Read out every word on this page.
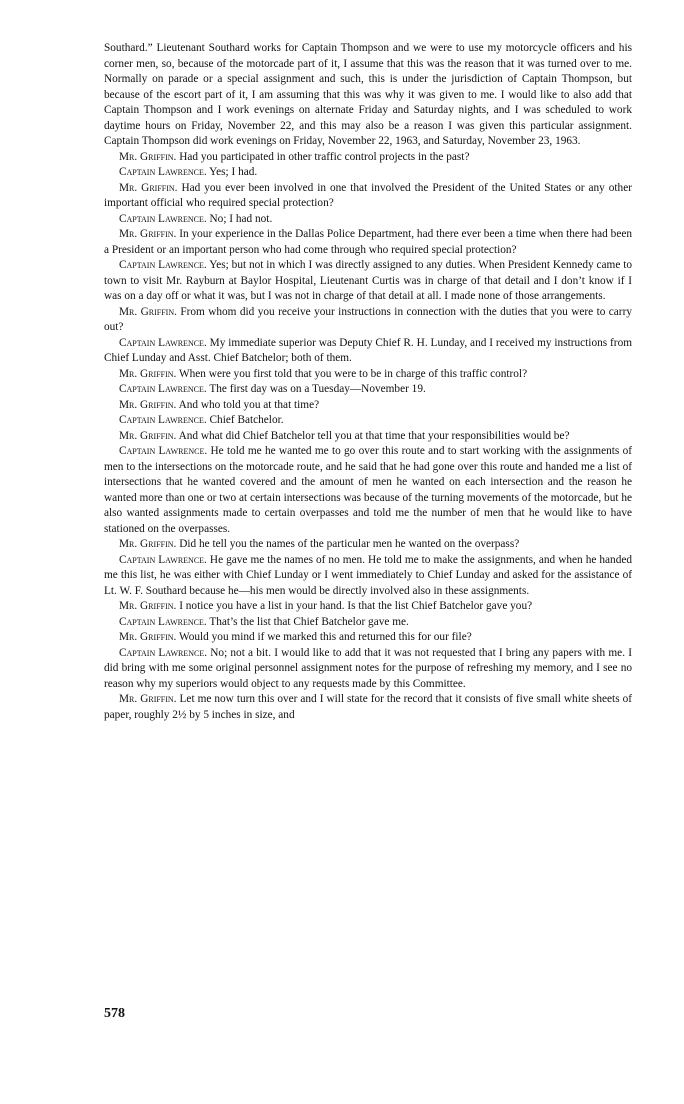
Southard.” Lieutenant Southard works for Captain Thompson and we were to use my motorcycle officers and his corner men, so, because of the motorcade part of it, I assume that this was the reason that it was turned over to me. Normally on parade or a special assignment and such, this is under the jurisdiction of Captain Thompson, but because of the escort part of it, I am assuming that this was why it was given to me. I would like to also add that Captain Thompson and I work evenings on alternate Friday and Saturday nights, and I was scheduled to work daytime hours on Friday, November 22, and this may also be a reason I was given this particular assignment. Captain Thompson did work evenings on Friday, November 22, 1963, and Saturday, November 23, 1963.

Mr. Griffin. Had you participated in other traffic control projects in the past?

Captain Lawrence. Yes; I had.

Mr. Griffin. Had you ever been involved in one that involved the President of the United States or any other important official who required special protection?

Captain Lawrence. No; I had not.

Mr. Griffin. In your experience in the Dallas Police Department, had there ever been a time when there had been a President or an important person who had come through who required special protection?

Captain Lawrence. Yes; but not in which I was directly assigned to any duties. When President Kennedy came to town to visit Mr. Rayburn at Baylor Hospital, Lieutenant Curtis was in charge of that detail and I don’t know if I was on a day off or what it was, but I was not in charge of that detail at all. I made none of those arrangements.

Mr. Griffin. From whom did you receive your instructions in connection with the duties that you were to carry out?

Captain Lawrence. My immediate superior was Deputy Chief R. H. Lunday, and I received my instructions from Chief Lunday and Asst. Chief Batchelor; both of them.

Mr. Griffin. When were you first told that you were to be in charge of this traffic control?

Captain Lawrence. The first day was on a Tuesday—November 19.

Mr. Griffin. And who told you at that time?

Captain Lawrence. Chief Batchelor.

Mr. Griffin. And what did Chief Batchelor tell you at that time that your responsibilities would be?

Captain Lawrence. He told me he wanted me to go over this route and to start working with the assignments of men to the intersections on the motorcade route, and he said that he had gone over this route and handed me a list of intersections that he wanted covered and the amount of men he wanted on each intersection and the reason he wanted more than one or two at certain intersections was because of the turning movements of the motorcade, but he also wanted assignments made to certain overpasses and told me the number of men that he would like to have stationed on the overpasses.

Mr. Griffin. Did he tell you the names of the particular men he wanted on the overpass?

Captain Lawrence. He gave me the names of no men. He told me to make the assignments, and when he handed me this list, he was either with Chief Lunday or I went immediately to Chief Lunday and asked for the assistance of Lt. W. F. Southard because he—his men would be directly involved also in these assignments.

Mr. Griffin. I notice you have a list in your hand. Is that the list Chief Batchelor gave you?

Captain Lawrence. That’s the list that Chief Batchelor gave me.

Mr. Griffin. Would you mind if we marked this and returned this for our file?

Captain Lawrence. No; not a bit. I would like to add that it was not requested that I bring any papers with me. I did bring with me some original personnel assignment notes for the purpose of refreshing my memory, and I see no reason why my superiors would object to any requests made by this Committee.

Mr. Griffin. Let me now turn this over and I will state for the record that it consists of five small white sheets of paper, roughly 2½ by 5 inches in size, and

578
